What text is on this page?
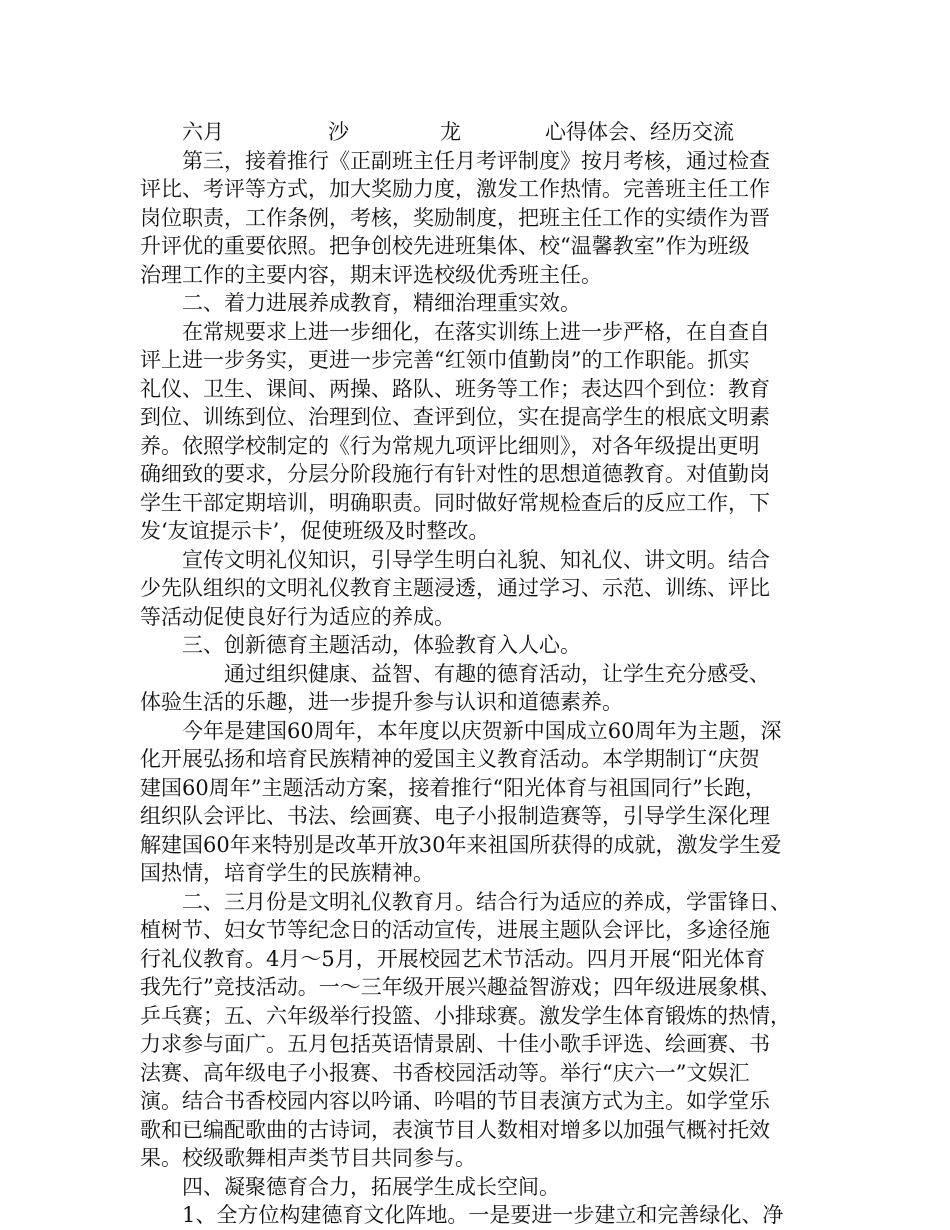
六月	沙	龙	心得体会、经历交流
第三，接着推行《正副班主任月考评制度》按月考核，通过检查
评比、考评等方式，加大奖励力度，激发工作热情。完善班主任工作
岗位职责，工作条例，考核，奖励制度，把班主任工作的实绩作为晋
升评优的重要依照。把争创校先进班集体、校“温馨教室”作为班级
治理工作的主要内容，期末评选校级优秀班主任。
二、着力进展养成教育，精细治理重实效。
在常规要求上进一步细化，在落实训练上进一步严格，在自查自
评上进一步务实，更进一步完善“红领巾值勤岗”的工作职能。抓实
礼仪、卫生、课间、两操、路队、班务等工作；表达四个到位：教育
到位、训练到位、治理到位、查评到位，实在提高学生的根底文明素
养。依照学校制定的《行为常规九项评比细则》，对各年级提出更明
确细致的要求，分层分阶段施行有针对性的思想道德教育。对值勤岗
学生干部定期培训，明确职责。同时做好常规检查后的反应工作，下
发‘友谊提示卡’，促使班级及时整改。
宣传文明礼仪知识，引导学生明白礼貌、知礼仪、讲文明。结合
少先队组织的文明礼仪教育主题浸透，通过学习、示范、训练、评比
等活动促使良好行为适应的养成。
三、创新德育主题活动，体验教育入人心。
通过组织健康、益智、有趣的德育活动，让学生充分感受、
体验生活的乐趣，进一步提升参与认识和道德素养。
今年是建国60周年，本年度以庆贺新中国成立60周年为主题，深
化开展弘扬和培育民族精神的爱国主义教育活动。本学期制订“庆贺
建国60周年”主题活动方案，接着推行“阳光体育与祖国同行”长跑，
组织队会评比、书法、绘画赛、电子小报制造赛等，引导学生深化理
解建国60年来特别是改革开放30年来祖国所获得的成就，激发学生爱
国热情，培育学生的民族精神。
二、三月份是文明礼仪教育月。结合行为适应的养成，学雷锋日、
植树节、妇女节等纪念日的活动宣传，进展主题队会评比，多途径施
行礼仪教育。4月～5月，开展校园艺术节活动。四月开展“阳光体育
我先行”竞技活动。一～三年级开展兴趣益智游戏；四年级进展象棋、
乒乓赛；五、六年级举行投篮、小排球赛。激发学生体育锻炼的热情，
力求参与面广。五月包括英语情景剧、十佳小歌手评选、绘画赛、书
法赛、高年级电子小报赛、书香校园活动等。举行“庆六一”文娱汇
演。结合书香校园内容以吟诵、吟唱的节目表演方式为主。如学堂乐
歌和已编配歌曲的古诗词，表演节目人数相对增多以加强气概衬托效
果。校级歌舞相声类节目共同参与。
四、凝聚德育合力，拓展学生成长空间。
1、全方位构建德育文化阵地。一是要进一步建立和完善绿化、净
